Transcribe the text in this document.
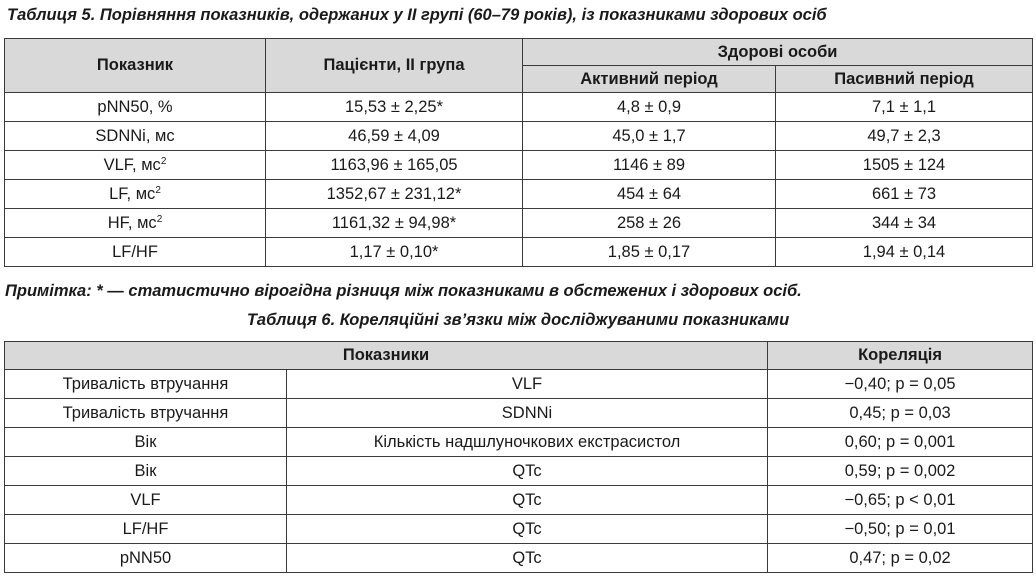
Таблиця 5. Порівняння показників, одержаних у ІІ групі (60–79 років), із показниками здорових осіб
Показник	Пацієнти, ІІ група	Здорові особи	
		Активний період	Пасивний період
pNN50, %	15,53 ± 2,25*	4,8 ± 0,9	7,1 ± 1,1
SDNNi, мс	46,59 ± 4,09	45,0 ± 1,7	49,7 ± 2,3
VLF, $мс^2$	1163,96 ± 165,05	1146 ± 89	1505 ± 124
LF, $мс^2$	1352,67 ± 231,12*	454 ± 64	661 ± 73
HF, $мс^2$	1161,32 ± 94,98*	258 ± 26	344 ± 34
LF/HF	1,17 ± 0,10*	1,85 ± 0,17	1,94 ± 0,14
Примітка: * — статистично вірогідна різниця між показниками в обстежених і здорових осіб.
Таблиця 6. Кореляційні зв’язки між досліджуваними показниками
Показники		Кореляція
Тривалість втручання	VLF	−0,40; p = 0,05
Тривалість втручання	SDNNi	0,45; p = 0,03
Вік	Кількість надшлуночкових екстрасистол	0,60; p = 0,001
Вік	QTc	0,59; p = 0,002
VLF	QTc	−0,65; p < 0,01
LF/HF	QTc	−0,50; p = 0,01
pNN50	QTc	0,47; p = 0,02
